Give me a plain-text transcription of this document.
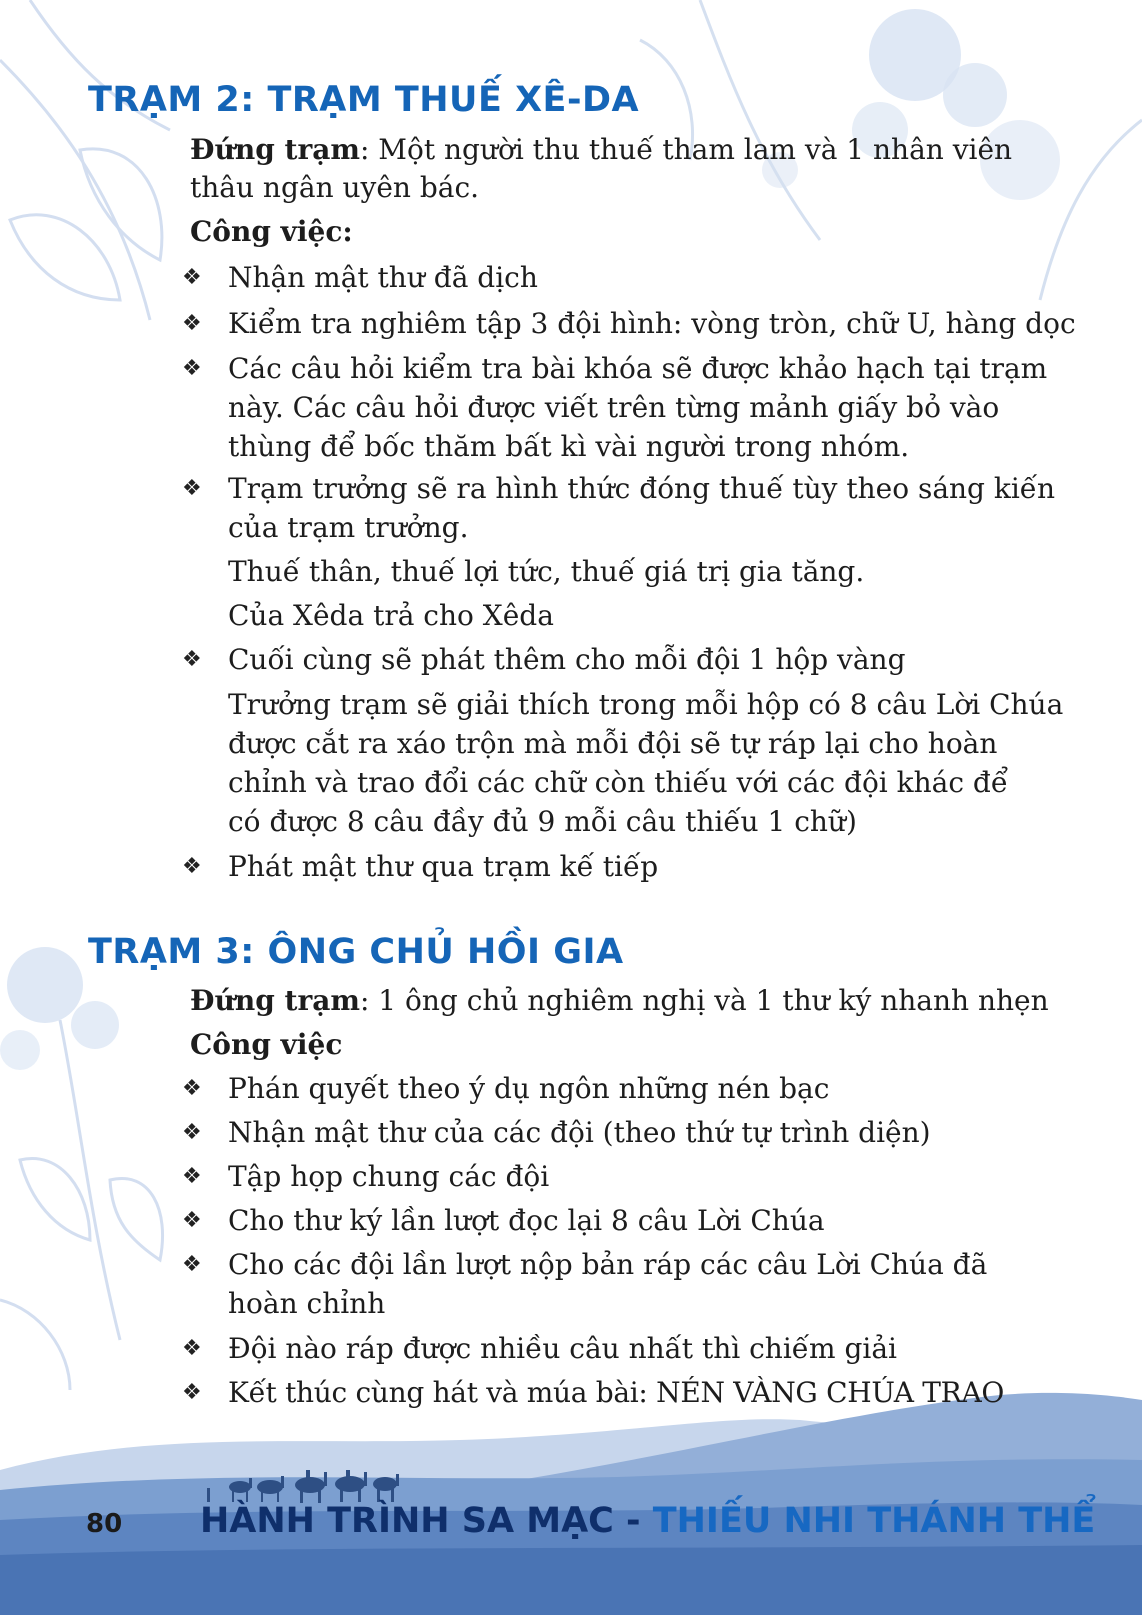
TRẠM 2: TRẠM THUẾ XÊ-DA
Đứng trạm: Một người thu thuế tham lam và 1 nhân viên
thâu ngân uyên bác.
Công việc:
❖ Nhận mật thư đã dịch
❖ Kiểm tra nghiêm tập 3 đội hình: vòng tròn, chữ U, hàng dọc
❖ Các câu hỏi kiểm tra bài khóa sẽ được khảo hạch tại trạm
này. Các câu hỏi được viết trên từng mảnh giấy bỏ vào
thùng để bốc thăm bất kì vài người trong nhóm.
❖ Trạm trưởng sẽ ra hình thức đóng thuế tùy theo sáng kiến
của trạm trưởng.
Thuế thân, thuế lợi tức, thuế giá trị gia tăng.
Của Xêda trả cho Xêda
❖ Cuối cùng sẽ phát thêm cho mỗi đội 1 hộp vàng
Trưởng trạm sẽ giải thích trong mỗi hộp có 8 câu Lời Chúa
được cắt ra xáo trộn mà mỗi đội sẽ tự ráp lại cho hoàn
chỉnh và trao đổi các chữ còn thiếu với các đội khác để
có được 8 câu đầy đủ 9 mỗi câu thiếu 1 chữ)
❖ Phát mật thư qua trạm kế tiếp
TRẠM 3: ÔNG CHỦ HỒI GIA
Đứng trạm: 1 ông chủ nghiêm nghị và 1 thư ký nhanh nhẹn
Công việc
❖ Phán quyết theo ý dụ ngôn những nén bạc
❖ Nhận mật thư của các đội (theo thứ tự trình diện)
❖ Tập họp chung các đội
❖ Cho thư ký lần lượt đọc lại 8 câu Lời Chúa
❖ Cho các đội lần lượt nộp bản ráp các câu Lời Chúa đã
hoàn chỉnh
❖ Đội nào ráp được nhiều câu nhất thì chiếm giải
❖ Kết thúc cùng hát và múa bài: NÉN VÀNG CHÚA TRAO
80 HÀNH TRÌNH SA MẠC - THIẾU NHI THÁNH THỂ
